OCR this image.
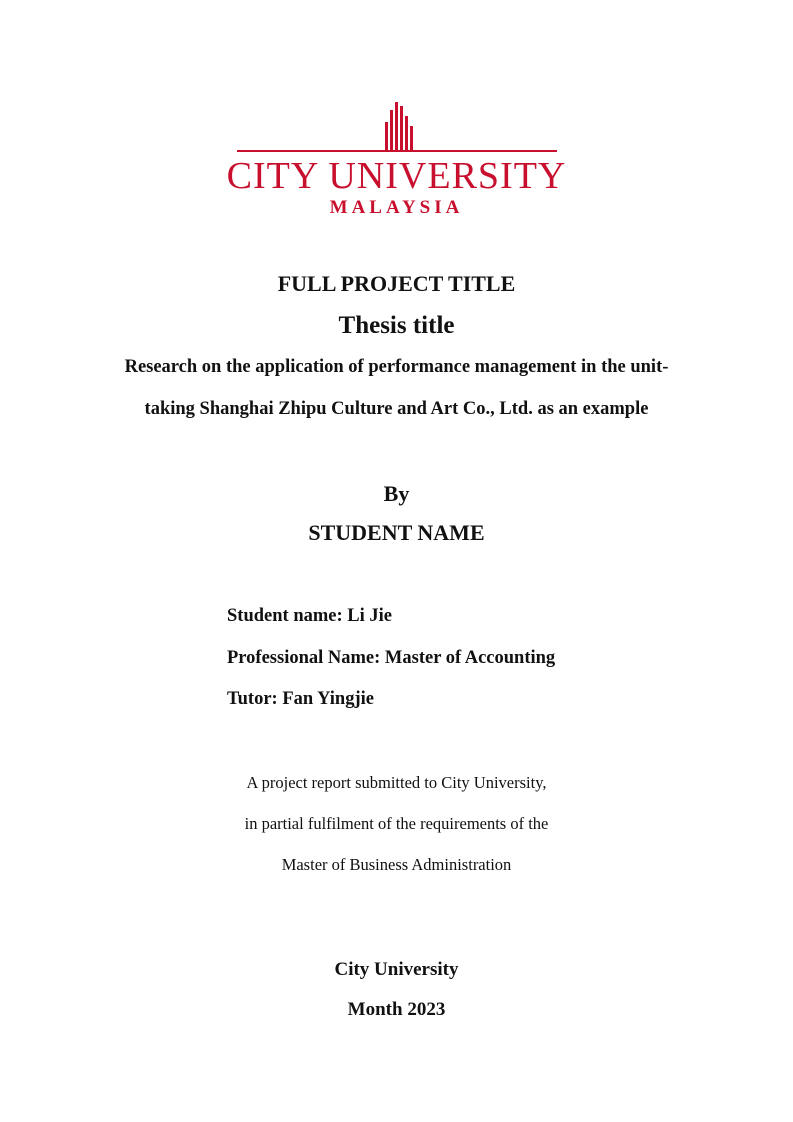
CITY UNIVERSITY
MALAYSIA
FULL PROJECT TITLE
Thesis title
Research on the application of performance management in the unit-taking Shanghai Zhipu Culture and Art Co., Ltd. as an example
By
STUDENT NAME
Student name: Li Jie
Professional Name: Master of Accounting
Tutor: Fan Yingjie
A project report submitted to City University,
in partial fulfilment of the requirements of the
Master of Business Administration
City University
Month 2023
